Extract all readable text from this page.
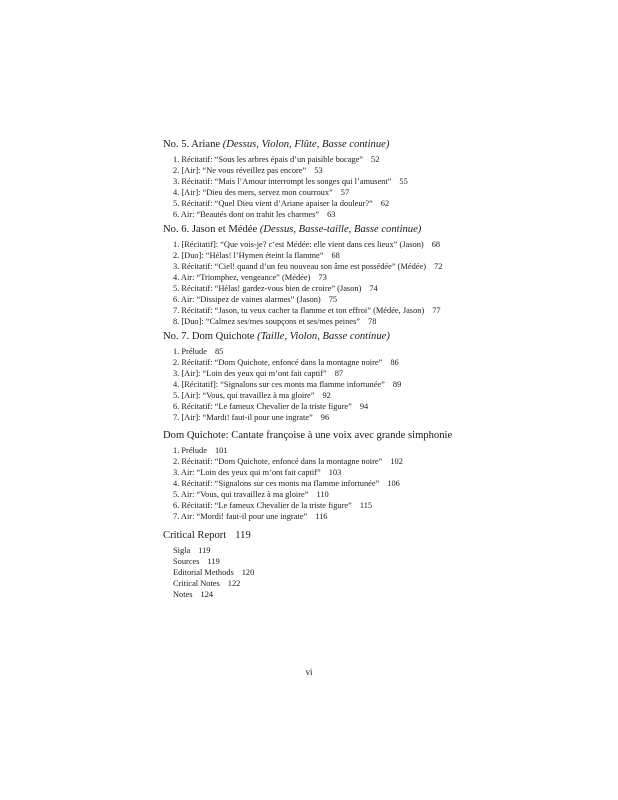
No. 5. Ariane (Dessus, Violon, Flûte, Basse continue)
1. Récitatif: “Sous les arbres épais d’un paisible bocage” 52
2. [Air]: “Ne vous réveillez pas encore” 53
3. Récitatif: “Mais l’Amour interrompt les songes qui l’amusent” 55
4. [Air]: “Dieu des mers, servez mon courroux” 57
5. Récitatif: “Quel Dieu vient d’Ariane apaiser la douleur?” 62
6. Air: “Beautés dont on trahit les charmes” 63
No. 6. Jason et Médée (Dessus, Basse-taille, Basse continue)
1. [Récitatif]: “Que vois-je? c’est Médée: elle vient dans ces lieux” (Jason) 68
2. [Duo]: “Hélas! l’Hymen éteint la flamme” 68
3. Récitatif: “Ciel! quand d’un feu nouveau son âme est possédée” (Médée) 72
4. Air: “Triomphez, vengeance” (Médée) 73
5. Récitatif: “Hélas! gardez-vous bien de croire” (Jason) 74
6. Air: “Dissipez de vaines alarmes” (Jason) 75
7. Récitatif: “Jason, tu veux cacher ta flamme et ton effroi” (Médée, Jason) 77
8. [Duo]: “Calmez ses/mes soupçons et ses/mes peines” 78
No. 7. Dom Quichote (Taille, Violon, Basse continue)
1. Prélude 85
2. Récitatif: “Dom Quichote, enfoncé dans la montagne noire” 86
3. [Air]: “Loin des yeux qui m’ont fait captif” 87
4. [Récitatif]: “Signalons sur ces monts ma flamme infortunée” 89
5. [Air]: “Vous, qui travaillez à ma gloire” 92
6. Récitatif: “Le fameux Chevalier de la triste figure” 94
7. [Air]: “Mardi! faut-il pour une ingrate” 96
Dom Quichote: Cantate françoise à une voix avec grande simphonie
1. Prélude 101
2. Récitatif: “Dom Quichote, enfoncé dans la montagne noire” 102
3. Air: “Loin des yeux qui m’ont fait captif” 103
4. Récitatif: “Signalons sur ces monts ma flamme infortunée” 106
5. Air: “Vous, qui travaillez à ma gloire” 110
6. Récitatif: “Le fameux Chevalier de la triste figure” 115
7. Air: “Mordi! faut-il pour une ingrate” 116
Critical Report 119
Sigla 119
Sources 119
Editorial Methods 120
Critical Notes 122
Notes 124
vi
